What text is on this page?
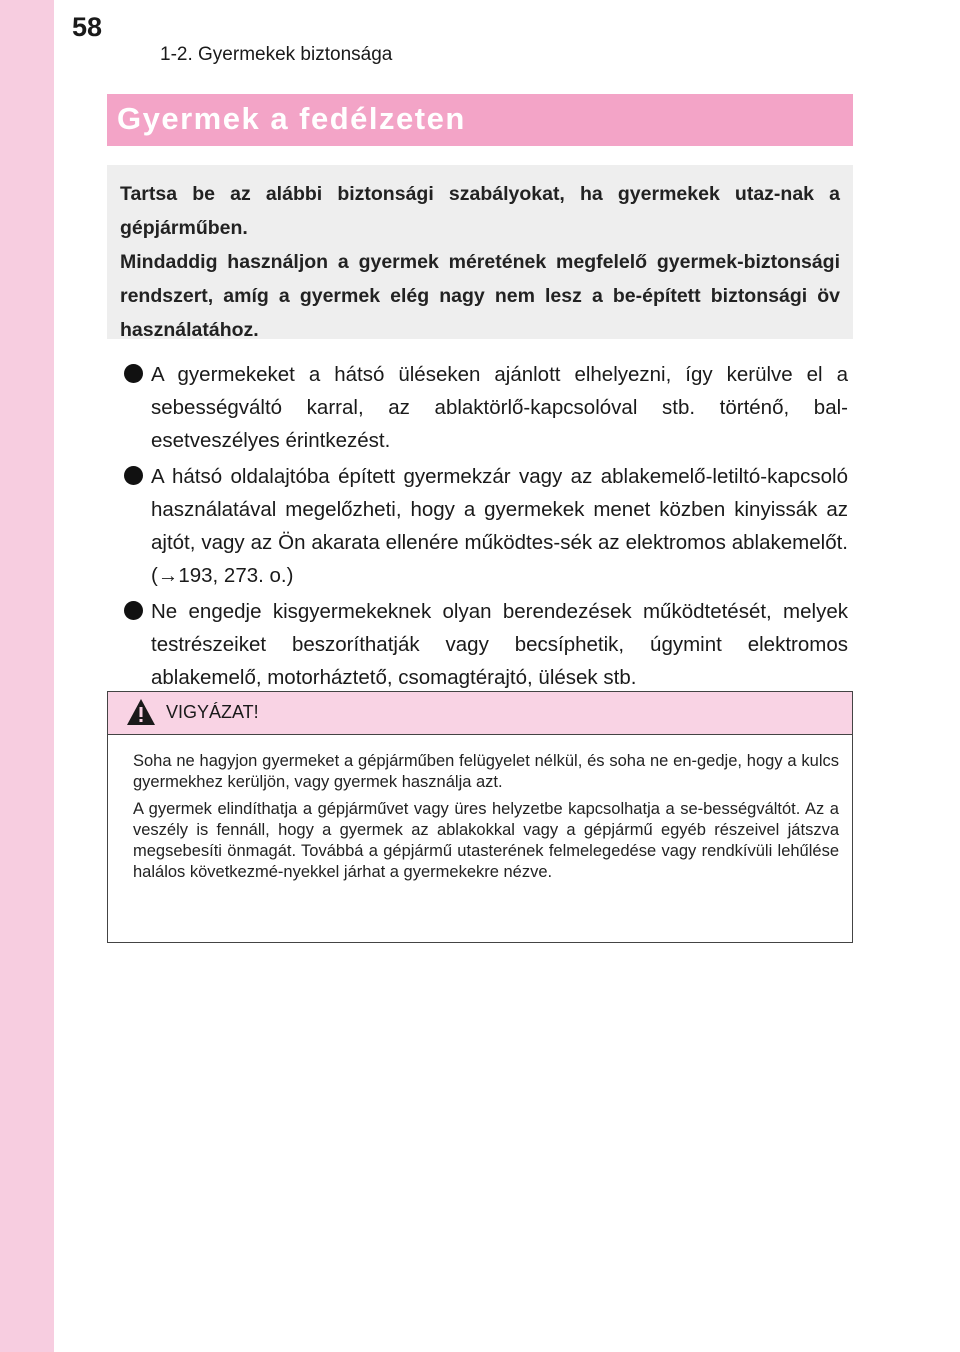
58
1-2. Gyermekek biztonsága
Gyermek a fedélzeten

Tartsa be az alábbi biztonsági szabályokat, ha gyermekek utaz-nak a gépjárműben.

Mindaddig használjon a gyermek méretének megfelelő gyermek-biztonsági rendszert, amíg a gyermek elég nagy nem lesz a be-épített biztonsági öv használatához.

A gyermekeket a hátsó üléseken ajánlott elhelyezni, így kerülve el a sebességváltó karral, az ablaktörlő-kapcsolóval stb. történő, bal-esetveszélyes érintkezést.
A hátsó oldalajtóba épített gyermekzár vagy az ablakemelő-letiltó-kapcsoló használatával megelőzheti, hogy a gyermekek menet közben kinyissák az ajtót, vagy az Ön akarata ellenére működtes-sék az elektromos ablakemelőt. (→193, 273. o.)
Ne engedje kisgyermekeknek olyan berendezések működtetését, melyek testrészeiket beszoríthatják vagy becsíphetik, úgymint elektromos ablakemelő, motorháztető, csomagtérajtó, ülések stb.
VIGYÁZAT!

Soha ne hagyjon gyermeket a gépjárműben felügyelet nélkül, és soha ne en-gedje, hogy a kulcs gyermekhez kerüljön, vagy gyermek használja azt.

A gyermek elindíthatja a gépjárművet vagy üres helyzetbe kapcsolhatja a se-bességváltót. Az a veszély is fennáll, hogy a gyermek az ablakokkal vagy a gépjármű egyéb részeivel játszva megsebesíti önmagát. Továbbá a gépjármű utasterének felmelegedése vagy rendkívüli lehűlése halálos következmé-nyekkel járhat a gyermekekre nézve.
